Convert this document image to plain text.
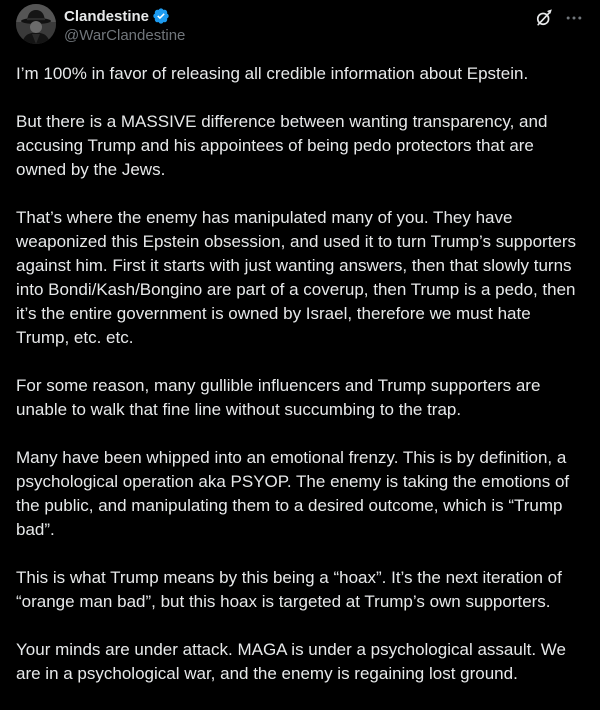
Clandestine
@WarClandestine

I’m 100% in favor of releasing all credible information about Epstein.

But there is a MASSIVE difference between wanting transparency, and accusing Trump and his appointees of being pedo protectors that are owned by the Jews.

That’s where the enemy has manipulated many of you. They have weaponized this Epstein obsession, and used it to turn Trump’s supporters against him. First it starts with just wanting answers, then that slowly turns into Bondi/Kash/Bongino are part of a coverup, then Trump is a pedo, then it’s the entire government is owned by Israel, therefore we must hate Trump, etc. etc.

For some reason, many gullible influencers and Trump supporters are unable to walk that fine line without succumbing to the trap.

Many have been whipped into an emotional frenzy. This is by definition, a psychological operation aka PSYOP. The enemy is taking the emotions of the public, and manipulating them to a desired outcome, which is “Trump bad”.

This is what Trump means by this being a “hoax”. It’s the next iteration of “orange man bad”, but this hoax is targeted at Trump’s own supporters.

Your minds are under attack. MAGA is under a psychological assault. We are in a psychological war, and the enemy is regaining lost ground.
